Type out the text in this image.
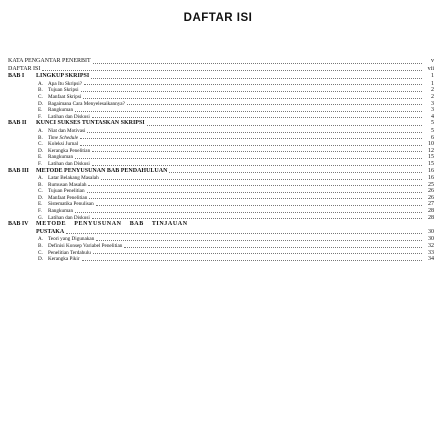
DAFTAR ISI
KATA PENGANTAR PENERBIT	v
DAFTAR ISI	vii
BAB I	LINGKUP SKRIPSI	1
A. Apa Itu Skripsi?	1
B.	Tujuan Skripsi	2
C.	Manfaat Skripsi	2
D. Bagaimana Cara Menyelesaikannya?	3
E.	Rangkuman	3
F.	Latihan dan Diskusi	4
BAB II	KUNCI SUKSES TUNTASKAN SKRIPSI	5
A. Niat dan Motivasi	5
B.	Time Schedule	6
C.	Koleksi Jurnal	10
D. Kerangka Penelitian	12
E.	Rangkuman	15
F.	Latihan dan Diskusi	15
BAB III	METODE PENYUSUNAN BAB PENDAHULUAN	16
A. Latar Belakang Masalah	16
B.	Rumusan Masalah	25
C.	Tujuan Penelitian	26
D. Manfaat Penelitian	26
E.	Sistematika Penulisan	27
F.	Rangkuman	28
G. Latihan dan Diskusi	28
BAB IV	METODE PENYUSUNAN BAB TINJAUAN
PUSTAKA	30
A. Teori yang Digunakan	30
B.	Definisi Konsep Variabel Penelitian	32
C.	Penelitian Terdahulu	33
D. Kerangka Pikir	34
